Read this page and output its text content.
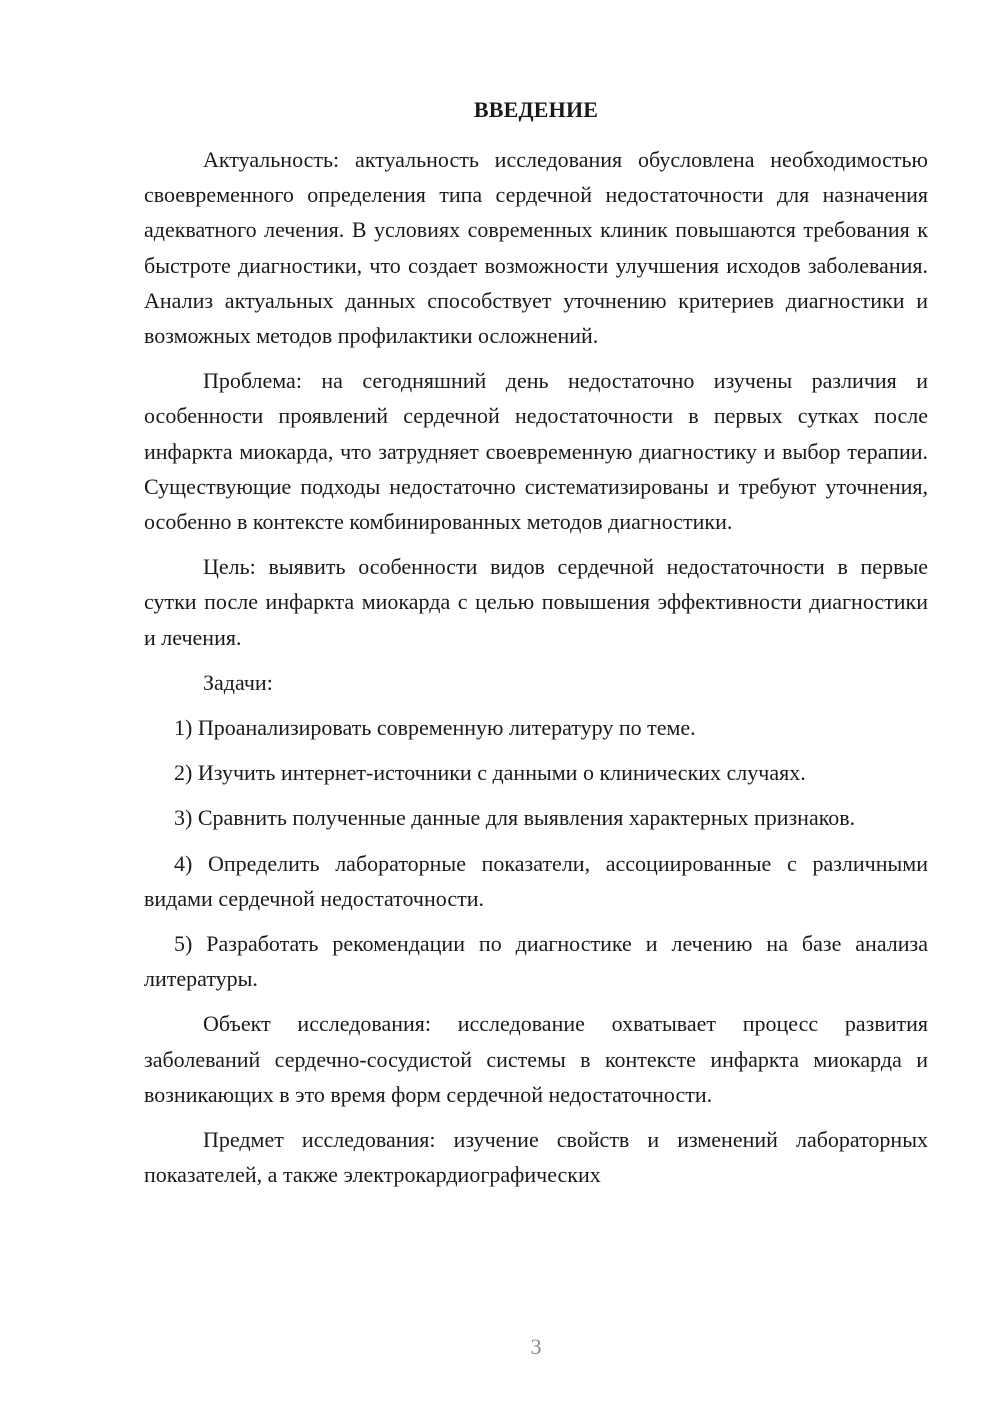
ВВЕДЕНИЕ

Актуальность: актуальность исследования обусловлена необходимостью своевременного определения типа сердечной недостаточности для назначения адекватного лечения. В условиях современных клиник повышаются требования к быстроте диагностики, что создает возможности улучшения исходов заболевания. Анализ актуальных данных способствует уточнению критериев диагностики и возможных методов профилактики осложнений.

Проблема: на сегодняшний день недостаточно изучены различия и особенности проявлений сердечной недостаточности в первых сутках после инфаркта миокарда, что затрудняет своевременную диагностику и выбор терапии. Существующие подходы недостаточно систематизированы и требуют уточнения, особенно в контексте комбинированных методов диагностики.

Цель: выявить особенности видов сердечной недостаточности в первые сутки после инфаркта миокарда с целью повышения эффективности диагностики и лечения.

Задачи:

1) Проанализировать современную литературу по теме.

2) Изучить интернет-источники с данными о клинических случаях.

3) Сравнить полученные данные для выявления характерных признаков.

4) Определить лабораторные показатели, ассоциированные с различными видами сердечной недостаточности.

5) Разработать рекомендации по диагностике и лечению на базе анализа литературы.

Объект исследования: исследование охватывает процесс развития заболеваний сердечно-сосудистой системы в контексте инфаркта миокарда и возникающих в это время форм сердечной недостаточности.

Предмет исследования: изучение свойств и изменений лабораторных показателей, а также электрокардиографических

3
